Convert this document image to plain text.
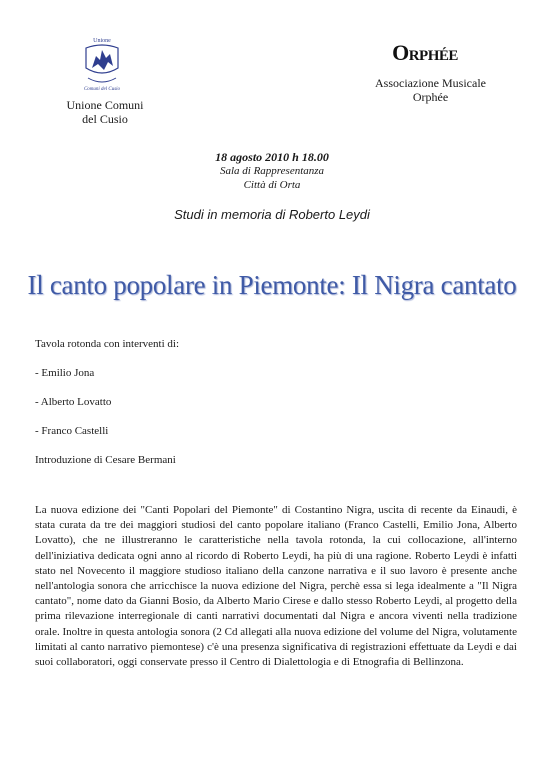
Unione
Comuni del Cusio
Unione Comuni
del Cusio
Orphée
Associazione Musicale
Orphée
18 agosto 2010 h 18.00
Sala di Rappresentanza
Città di Orta
Studi in memoria di Roberto Leydi
Il canto popolare in Piemonte: Il Nigra cantato

Tavola rotonda con interventi di:

- Emilio Jona

- Alberto Lovatto

- Franco Castelli

Introduzione di Cesare Bermani

La nuova edizione dei "Canti Popolari del Piemonte" di Costantino Nigra, uscita di recente da Einaudi, è stata curata da tre dei maggiori studiosi del canto popolare italiano (Franco Castelli, Emilio Jona, Alberto Lovatto), che ne illustreranno le caratteristiche nella tavola rotonda, la cui collocazione, all'interno dell'iniziativa dedicata ogni anno al ricordo di Roberto Leydi, ha più di una ragione. Roberto Leydi è infatti stato nel Novecento il maggiore studioso italiano della canzone narrativa e il suo lavoro è presente anche nell'antologia sonora che arricchisce la nuova edizione del Nigra, perchè essa si lega idealmente a "Il Nigra cantato", nome dato da Gianni Bosio, da Alberto Mario Cirese e dallo stesso Roberto Leydi, al progetto della prima rilevazione interregionale di canti narrativi documentati dal Nigra e ancora viventi nella tradizione orale. Inoltre in questa antologia sonora (2 Cd allegati alla nuova edizione del volume del Nigra, volutamente limitati al canto narrativo piemontese) c'è una presenza significativa di registrazioni effettuate da Leydi e dai suoi collaboratori, oggi conservate presso il Centro di Dialettologia e di Etnografia di Bellinzona.
